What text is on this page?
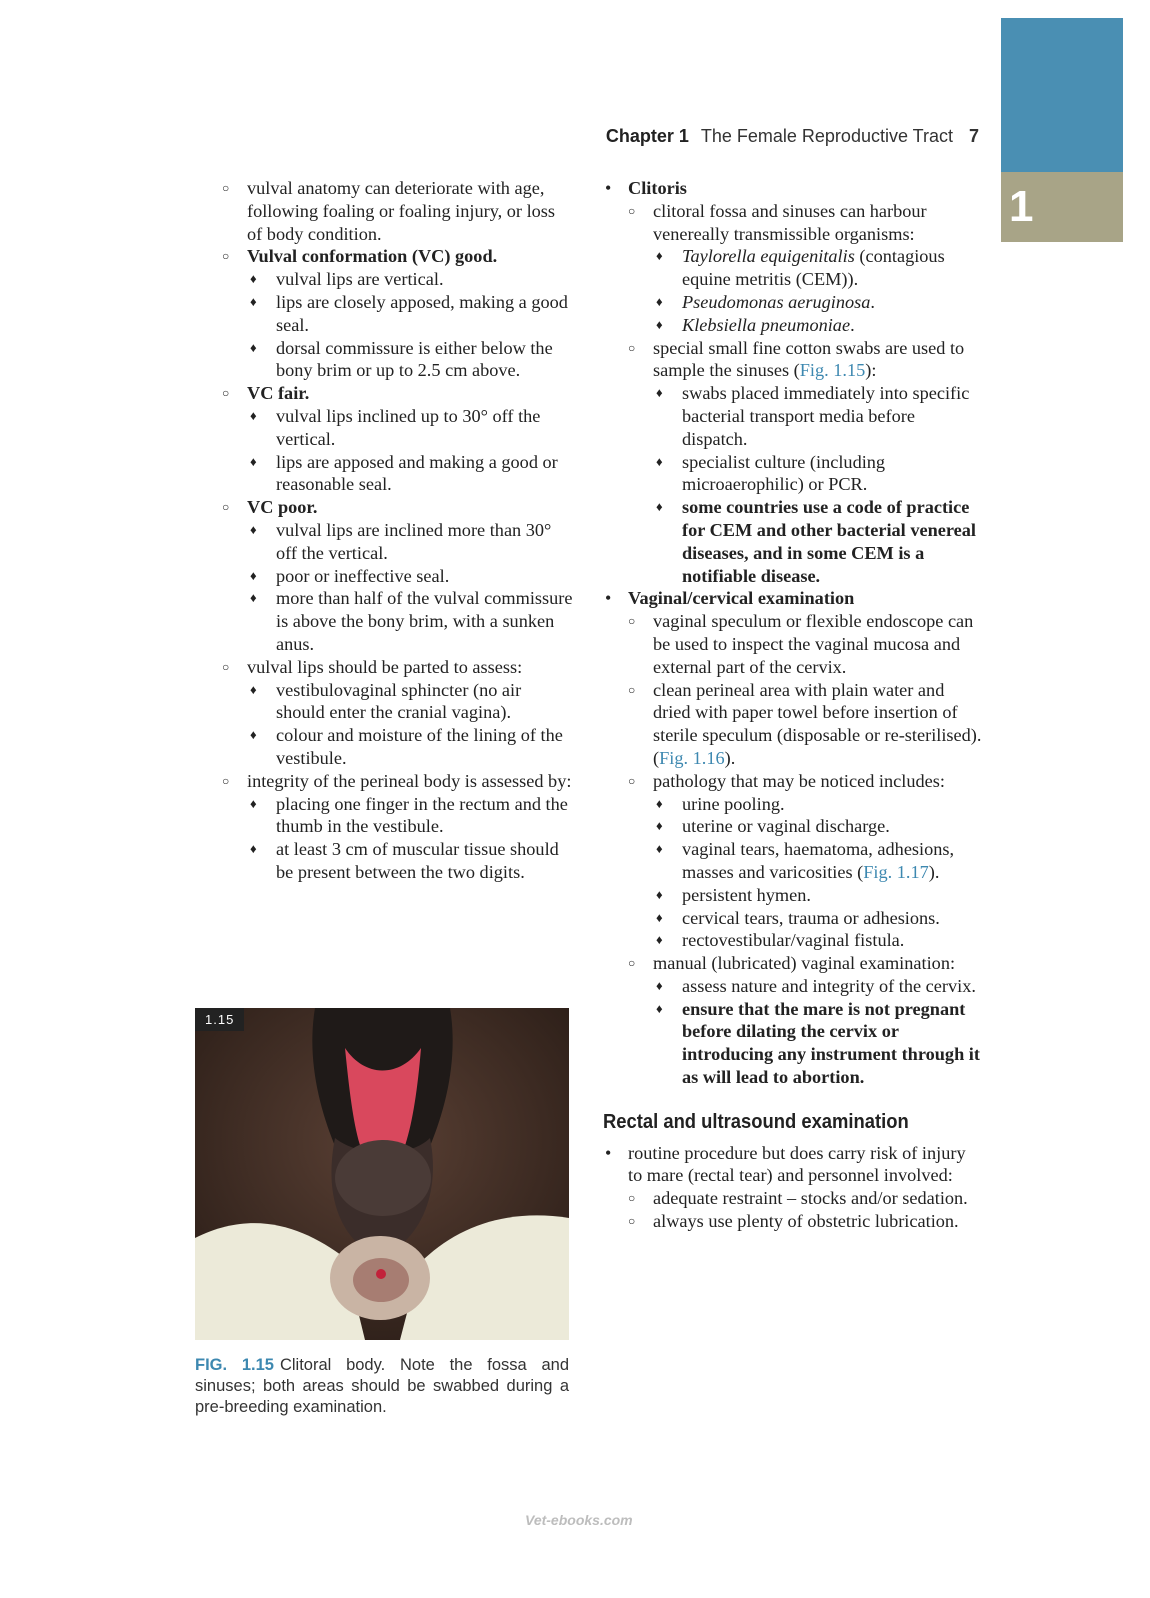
1
Chapter 1 The Female Reproductive Tract 7
○ vulval anatomy can deteriorate with age, following foaling or foaling injury, or loss of body condition.
○ Vulval conformation (VC) good.
♦ vulval lips are vertical.
♦ lips are closely apposed, making a good seal.
♦ dorsal commissure is either below the bony brim or up to 2.5 cm above.
○ VC fair.
♦ vulval lips inclined up to 30° off the vertical.
♦ lips are apposed and making a good or reasonable seal.
○ VC poor.
♦ vulval lips are inclined more than 30° off the vertical.
♦ poor or ineffective seal.
♦ more than half of the vulval commissure is above the bony brim, with a sunken anus.
○ vulval lips should be parted to assess:
♦ vestibulovaginal sphincter (no air should enter the cranial vagina).
♦ colour and moisture of the lining of the vestibule.
○ integrity of the perineal body is assessed by:
♦ placing one finger in the rectum and the thumb in the vestibule.
♦ at least 3 cm of muscular tissue should be present between the two digits.
1.15
FIG. 1.15 Clitoral body. Note the fossa and sinuses; both areas should be swabbed during a pre-breeding examination.
• Clitoris
○ clitoral fossa and sinuses can harbour venereally transmissible organisms:
♦ Taylorella equigenitalis (contagious equine metritis (CEM)).
♦ Pseudomonas aeruginosa.
♦ Klebsiella pneumoniae.
○ special small fine cotton swabs are used to sample the sinuses (Fig. 1.15):
♦ swabs placed immediately into specific bacterial transport media before dispatch.
♦ specialist culture (including microaerophilic) or PCR.
♦ some countries use a code of practice for CEM and other bacterial venereal diseases, and in some CEM is a notifiable disease.
• Vaginal/cervical examination
○ vaginal speculum or flexible endoscope can be used to inspect the vaginal mucosa and external part of the cervix.
○ clean perineal area with plain water and dried with paper towel before insertion of sterile speculum (disposable or re-sterilised). (Fig. 1.16).
○ pathology that may be noticed includes:
♦ urine pooling.
♦ uterine or vaginal discharge.
♦ vaginal tears, haematoma, adhesions, masses and varicosities (Fig. 1.17).
♦ persistent hymen.
♦ cervical tears, trauma or adhesions.
♦ rectovestibular/vaginal fistula.
○ manual (lubricated) vaginal examination:
♦ assess nature and integrity of the cervix.
♦ ensure that the mare is not pregnant before dilating the cervix or introducing any instrument through it as will lead to abortion.
Rectal and ultrasound examination
• routine procedure but does carry risk of injury to mare (rectal tear) and personnel involved:
○ adequate restraint – stocks and/or sedation.
○ always use plenty of obstetric lubrication.
Vet-ebooks.com
